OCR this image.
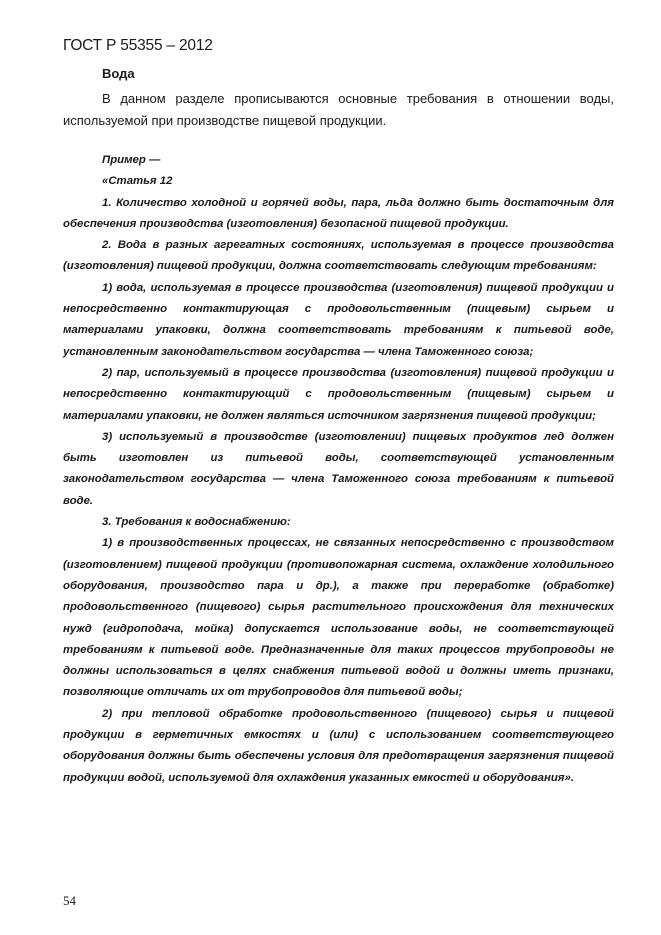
ГОСТ Р 55355 – 2012
Вода

В данном разделе прописываются основные требования в отношении воды, используемой при производстве пищевой продукции.

Пример —

«Статья 12

1. Количество холодной и горячей воды, пара, льда должно быть достаточным для обеспечения производства (изготовления) безопасной пищевой продукции.

2. Вода в разных агрегатных состояниях, используемая в процессе производства (изготовления) пищевой продукции, должна соответствовать следующим требованиям:

1) вода, используемая в процессе производства (изготовления) пищевой продукции и непосредственно контактирующая с продовольственным (пищевым) сырьем и материалами упаковки, должна соответствовать требованиям к питьевой воде, установленным законодательством государства — члена Таможенного союза;

2) пар, используемый в процессе производства (изготовления) пищевой продукции и непосредственно контактирующий с продовольственным (пищевым) сырьем и материалами упаковки, не должен являться источником загрязнения пищевой продукции;

3) используемый в производстве (изготовлении) пищевых продуктов лед должен быть изготовлен из питьевой воды, соответствующей установленным законодательством государства — члена Таможенного союза требованиям к питьевой воде.

3. Требования к водоснабжению:

1) в производственных процессах, не связанных непосредственно с производством (изготовлением) пищевой продукции (противопожарная система, охлаждение холодильного оборудования, производство пара и др.), а также при переработке (обработке) продовольственного (пищевого) сырья растительного происхождения для технических нужд (гидроподача, мойка) допускается использование воды, не соответствующей требованиям к питьевой воде. Предназначенные для таких процессов трубопроводы не должны использоваться в целях снабжения питьевой водой и должны иметь признаки, позволяющие отличать их от трубопроводов для питьевой воды;

2) при тепловой обработке продовольственного (пищевого) сырья и пищевой продукции в герметичных емкостях и (или) с использованием соответствующего оборудования должны быть обеспечены условия для предотвращения загрязнения пищевой продукции водой, используемой для охлаждения указанных емкостей и оборудования».

54
